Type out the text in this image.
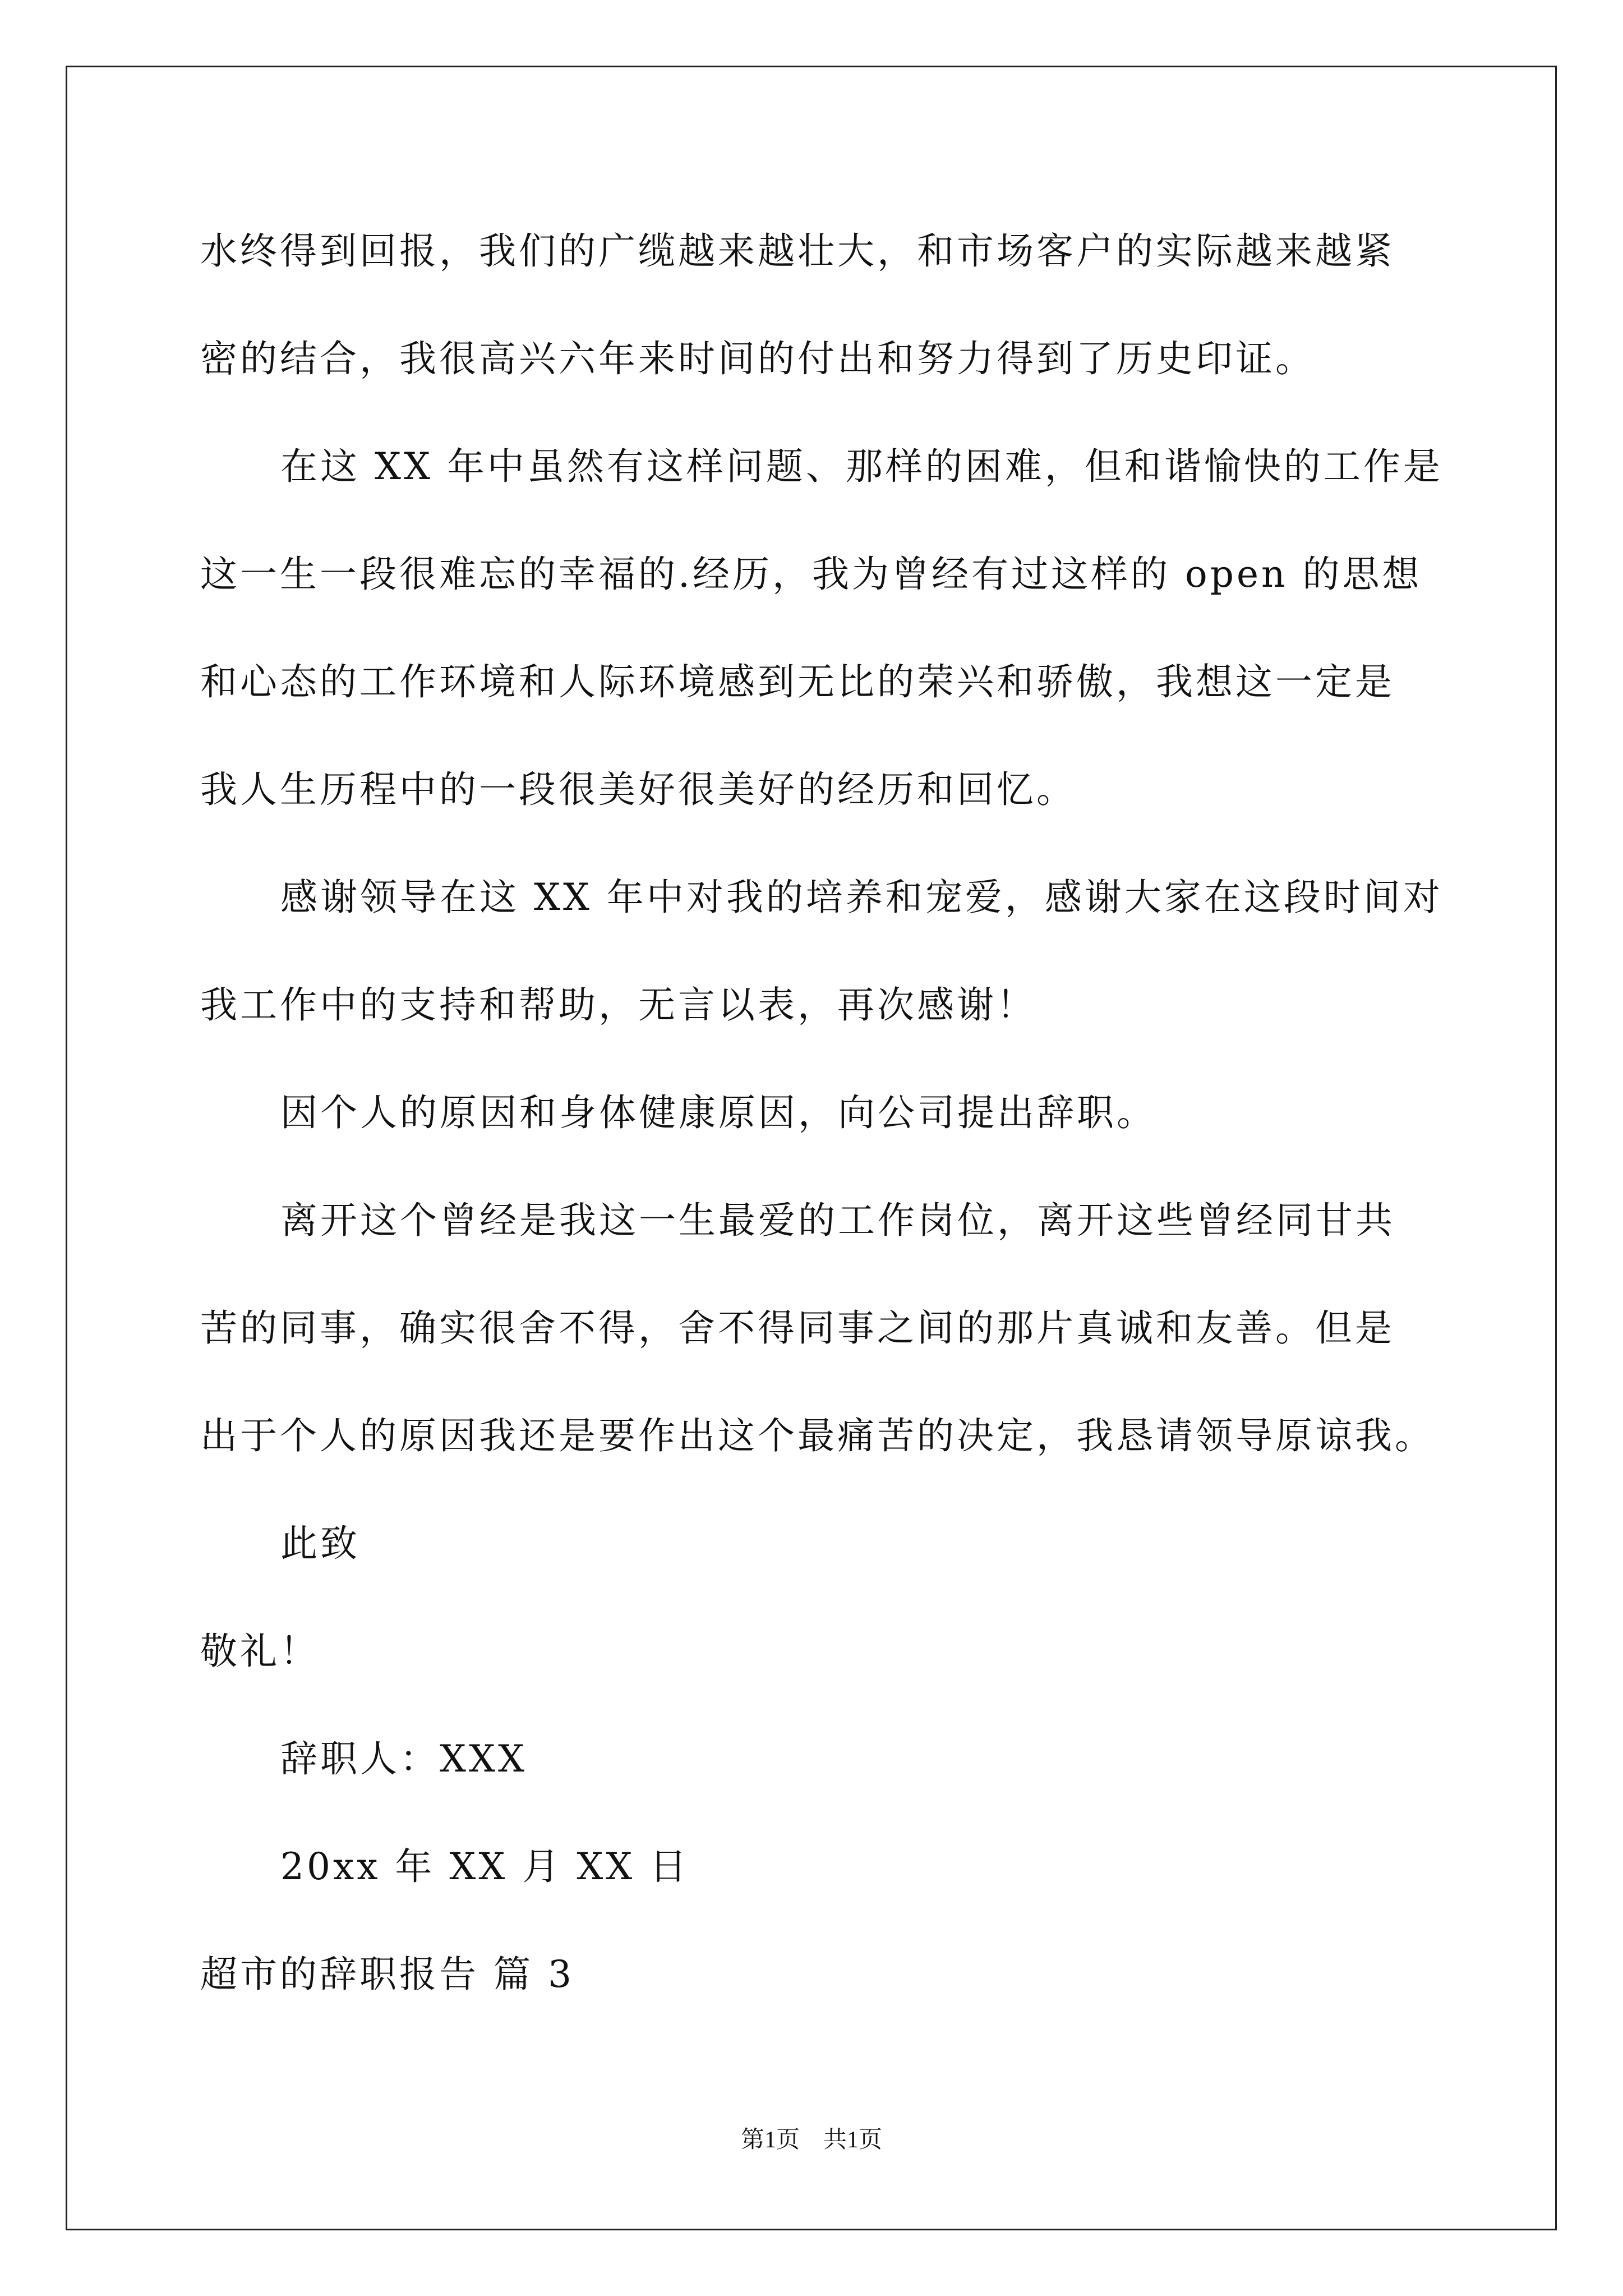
水终得到回报，我们的广缆越来越壮大，和市场客户的实际越来越紧
密的结合，我很高兴六年来时间的付出和努力得到了历史印证。
在这 XX 年中虽然有这样问题、那样的困难，但和谐愉快的工作是
这一生一段很难忘的幸福的.经历，我为曾经有过这样的 open 的思想
和心态的工作环境和人际环境感到无比的荣兴和骄傲，我想这一定是
我人生历程中的一段很美好很美好的经历和回忆。
感谢领导在这 XX 年中对我的培养和宠爱，感谢大家在这段时间对
我工作中的支持和帮助，无言以表，再次感谢！
因个人的原因和身体健康原因，向公司提出辞职。
离开这个曾经是我这一生最爱的工作岗位，离开这些曾经同甘共
苦的同事，确实很舍不得，舍不得同事之间的那片真诚和友善。但是
出于个人的原因我还是要作出这个最痛苦的决定，我恳请领导原谅我。
此致
敬礼！
辞职人：XXX
20xx 年 XX 月 XX 日
超市的辞职报告 篇 3
第1页　共1页
